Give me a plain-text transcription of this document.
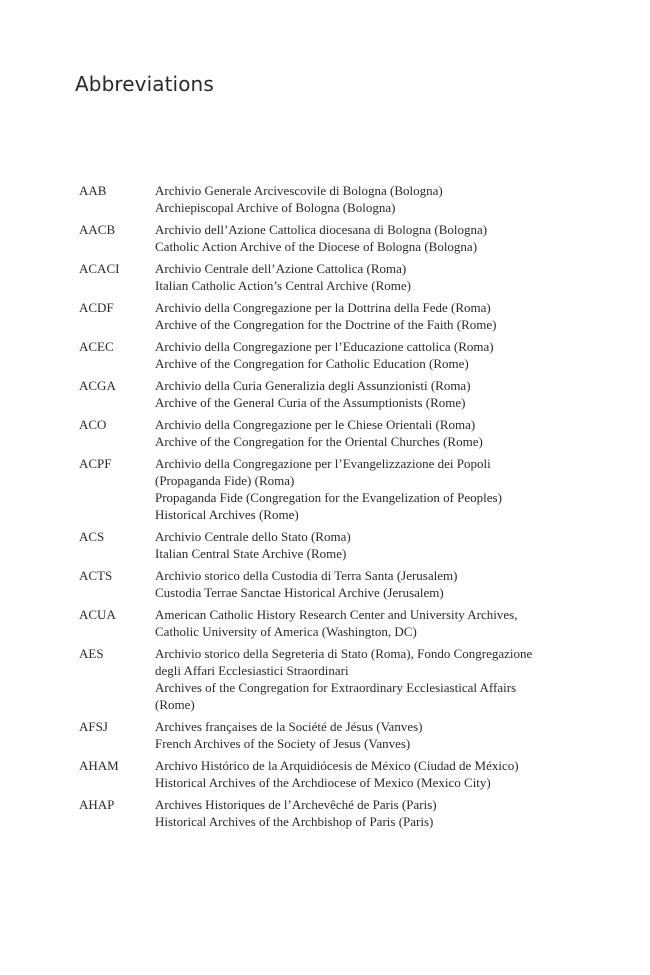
Abbreviations
AAB	Archivio Generale Arcivescovile di Bologna (Bologna)
Archiepiscopal Archive of Bologna (Bologna)
AACB	Archivio dell’Azione Cattolica diocesana di Bologna (Bologna)
Catholic Action Archive of the Diocese of Bologna (Bologna)
ACACI	Archivio Centrale dell’Azione Cattolica (Roma)
Italian Catholic Action’s Central Archive (Rome)
ACDF	Archivio della Congregazione per la Dottrina della Fede (Roma)
Archive of the Congregation for the Doctrine of the Faith (Rome)
ACEC	Archivio della Congregazione per l’Educazione cattolica (Roma)
Archive of the Congregation for Catholic Education (Rome)
ACGA	Archivio della Curia Generalizia degli Assunzionisti (Roma)
Archive of the General Curia of the Assumptionists (Rome)
ACO	Archivio della Congregazione per le Chiese Orientali (Roma)
Archive of the Congregation for the Oriental Churches (Rome)
ACPF	Archivio della Congregazione per l’Evangelizzazione dei Popoli
(Propaganda Fide) (Roma)
Propaganda Fide (Congregation for the Evangelization of Peoples)
Historical Archives (Rome)
ACS	Archivio Centrale dello Stato (Roma)
Italian Central State Archive (Rome)
ACTS	Archivio storico della Custodia di Terra Santa (Jerusalem)
Custodia Terrae Sanctae Historical Archive (Jerusalem)
ACUA	American Catholic History Research Center and University Archives,
Catholic University of America (Washington, DC)
AES	Archivio storico della Segreteria di Stato (Roma), Fondo Congregazione
degli Affari Ecclesiastici Straordinari
Archives of the Congregation for Extraordinary Ecclesiastical Affairs
(Rome)
AFSJ	Archives françaises de la Société de Jésus (Vanves)
French Archives of the Society of Jesus (Vanves)
AHAM	Archivo Histórico de la Arquidiócesis de México (Ciudad de México)
Historical Archives of the Archdiocese of Mexico (Mexico City)
AHAP	Archives Historiques de l’Archevêché de Paris (Paris)
Historical Archives of the Archbishop of Paris (Paris)
